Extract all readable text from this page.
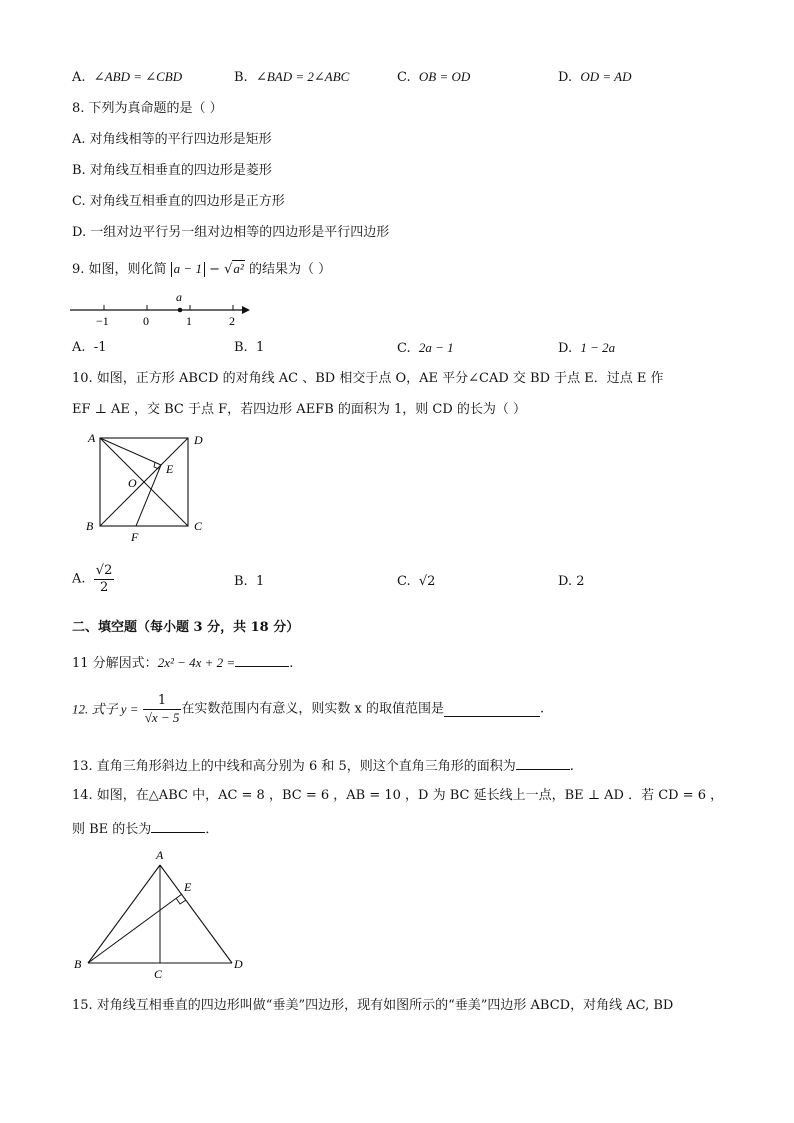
A. ∠ABD = ∠CBD	B. ∠BAD = 2∠ABC	C. OB = OD	D. OD = AD
8. 下列为真命题的是（ ）
A. 对角线相等的平行四边形是矩形
B. 对角线互相垂直的四边形是菱形
C. 对角线互相垂直的四边形是正方形
D. 一组对边平行另一组对边相等的四边形是平行四边形
9. 如图，则化简 a − 1 − √a² 的结果为（ ）
a
−1	0	1	2
A. -1	B. 1	C. 2a − 1	D. 1 − 2a
10. 如图，正方形 ABCD 的对角线 AC 、BD 相交于点 O，AE 平分∠CAD 交 BD 于点 E．过点 E 作
EF ⊥ AE ，交 BC 于点 F，若四边形 AEFB 的面积为 1，则 CD 的长为（ ）
A	D
B	C
O
E
F
A. $\frac{√2}{2}$	B. 1	C. √2	D. 2
二、填空题（每小题 3 分，共 18 分）
11 分解因式：2x² − 4x + 2 =	.
12. 式子 $y = \frac{1}{√x - 5}$ 在实数范围内有意义，则实数 x 的取值范围是	.
13. 直角三角形斜边上的中线和高分别为 6 和 5，则这个直角三角形的面积为	.
14. 如图，在△ABC 中，AC = 8 ，BC = 6 ，AB = 10 ，D 为 BC 延长线上一点，BE ⊥ AD ．若 CD = 6 ，
则 BE 的长为	．
A
E
B
C
D
15. 对角线互相垂直的四边形叫做“垂美”四边形，现有如图所示的“垂美”四边形 ABCD，对角线 AC, BD
